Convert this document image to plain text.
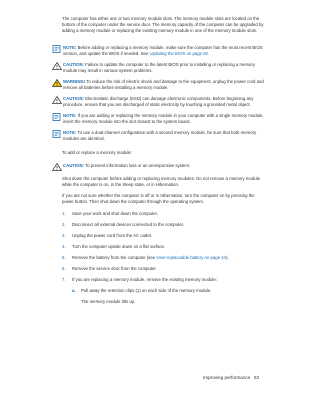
The computer has either one or two memory module slots. The memory module slots are located on the bottom of the computer under the service door. The memory capacity of the computer can be upgraded by adding a memory module or replacing the existing memory module in one of the memory module slots.

NOTE: Before adding or replacing a memory module, make sure the computer has the most recent BIOS version, and update the BIOS if needed. See Updating the BIOS on page 82.
CAUTION: Failure to update the computer to the latest BIOS prior to installing or replacing a memory module may result in various system problems.
WARNING! To reduce the risk of electric shock and damage to the equipment, unplug the power cord and remove all batteries before installing a memory module.
CAUTION: Electrostatic discharge (ESD) can damage electronic components. Before beginning any procedure, ensure that you are discharged of static electricity by touching a grounded metal object.
NOTE: If you are adding or replacing the memory module in your computer with a single memory module, insert the memory module into the slot closest to the system board.
NOTE: To use a dual-channel configuration with a second memory module, be sure that both memory modules are identical.

To add or replace a memory module:

CAUTION: To prevent information loss or an unresponsive system:

Shut down the computer before adding or replacing memory modules. Do not remove a memory module while the computer is on, in the Sleep state, or in Hibernation.

If you are not sure whether the computer is off or in Hibernation, turn the computer on by pressing the power button. Then shut down the computer through the operating system.

1. Save your work and shut down the computer.
2. Disconnect all external devices connected to the computer.
3. Unplug the power cord from the AC outlet.
4. Turn the computer upside down on a flat surface.
5. Remove the battery from the computer (see User-replaceable battery on page 44).
6. Remove the service door from the computer.
7. If you are replacing a memory module, remove the existing memory module:
a. Pull away the retention clips (1) on each side of the memory module.

The memory module tilts up.

Improving performance 53
